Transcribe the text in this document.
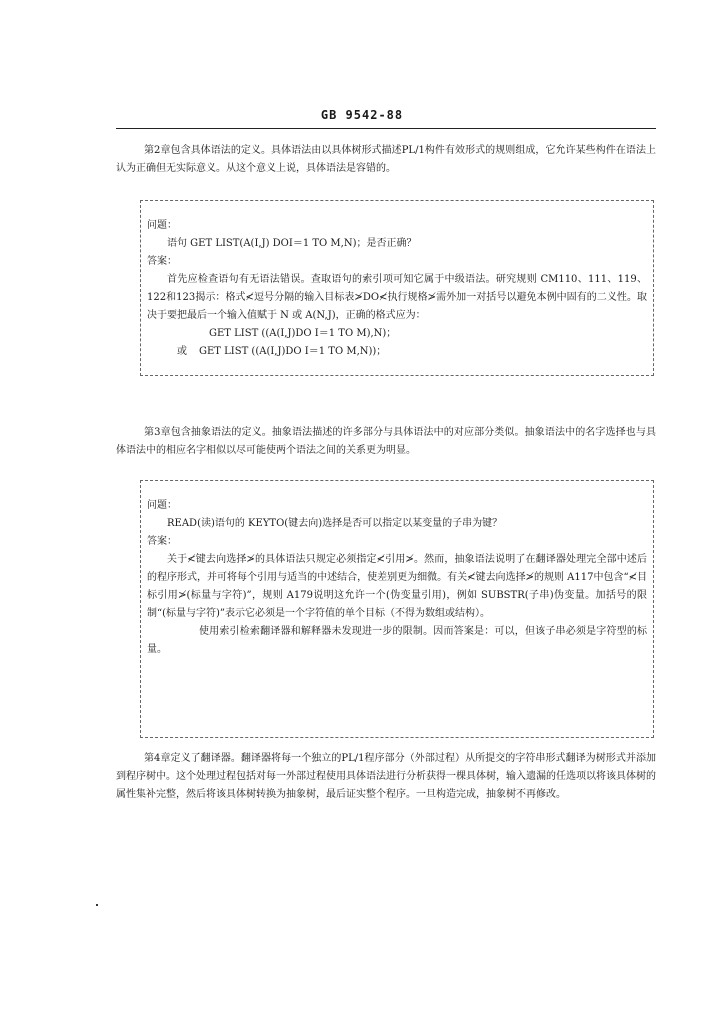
GB 9542-88
第2章包含具体语法的定义。具体语法由以具体树形式描述PL/1构件有效形式的规则组成，它允许某些构件在语法上认为正确但无实际意义。从这个意义上说，具体语法是容错的。
问题：
语句 GET LIST(A(I,J) DOI＝1 TO M,N)；是否正确？
答案：
首先应检查语句有无语法错误。查取语句的索引项可知它属于中级语法。研究规则 CM110、111、119、122和123揭示：格式≮逗号分隔的输入目标表≯DO≮执行规格≯需外加一对括号以避免本例中固有的二义性。取决于要把最后一个输入值赋于 N 或 A(N,J)，正确的格式应为：
GET LIST ((A(I,J)DO I＝1 TO M),N)；
或 GET LIST ((A(I,J)DO I＝1 TO M,N))；
第3章包含抽象语法的定义。抽象语法描述的许多部分与具体语法中的对应部分类似。抽象语法中的名字选择也与具体语法中的相应名字相似以尽可能使两个语法之间的关系更为明显。
问题：
READ(读)语句的 KEYTO(键去向)选择是否可以指定以某变量的子串为键？
答案：
关于≮键去向选择≯的具体语法只规定必须指定≮引用≯。然而，抽象语法说明了在翻译器处理完全部中述后的程序形式，并可将每个引用与适当的中述结合，使差别更为细微。有关≮键去向选择≯的规则 A117中包含“≮目标引用≯(标量与字符)”，规则 A179说明这允许一个(伪变量引用)，例如 SUBSTR(子串)伪变量。加括号的限制“(标量与字符)”表示它必须是一个字符值的单个目标（不得为数组或结构）。
使用索引检索翻译器和解释器未发现进一步的限制。因而答案是：可以，但该子串必须是字符型的标量。
第4章定义了翻译器。翻译器将每一个独立的PL/1程序部分（外部过程）从所提交的字符串形式翻译为树形式并添加到程序树中。这个处理过程包括对每一外部过程使用具体语法进行分析获得一棵具体树，输入遗漏的任选项以将该具体树的属性集补完整，然后将该具体树转换为抽象树，最后证实整个程序。一旦构造完成，抽象树不再修改。
